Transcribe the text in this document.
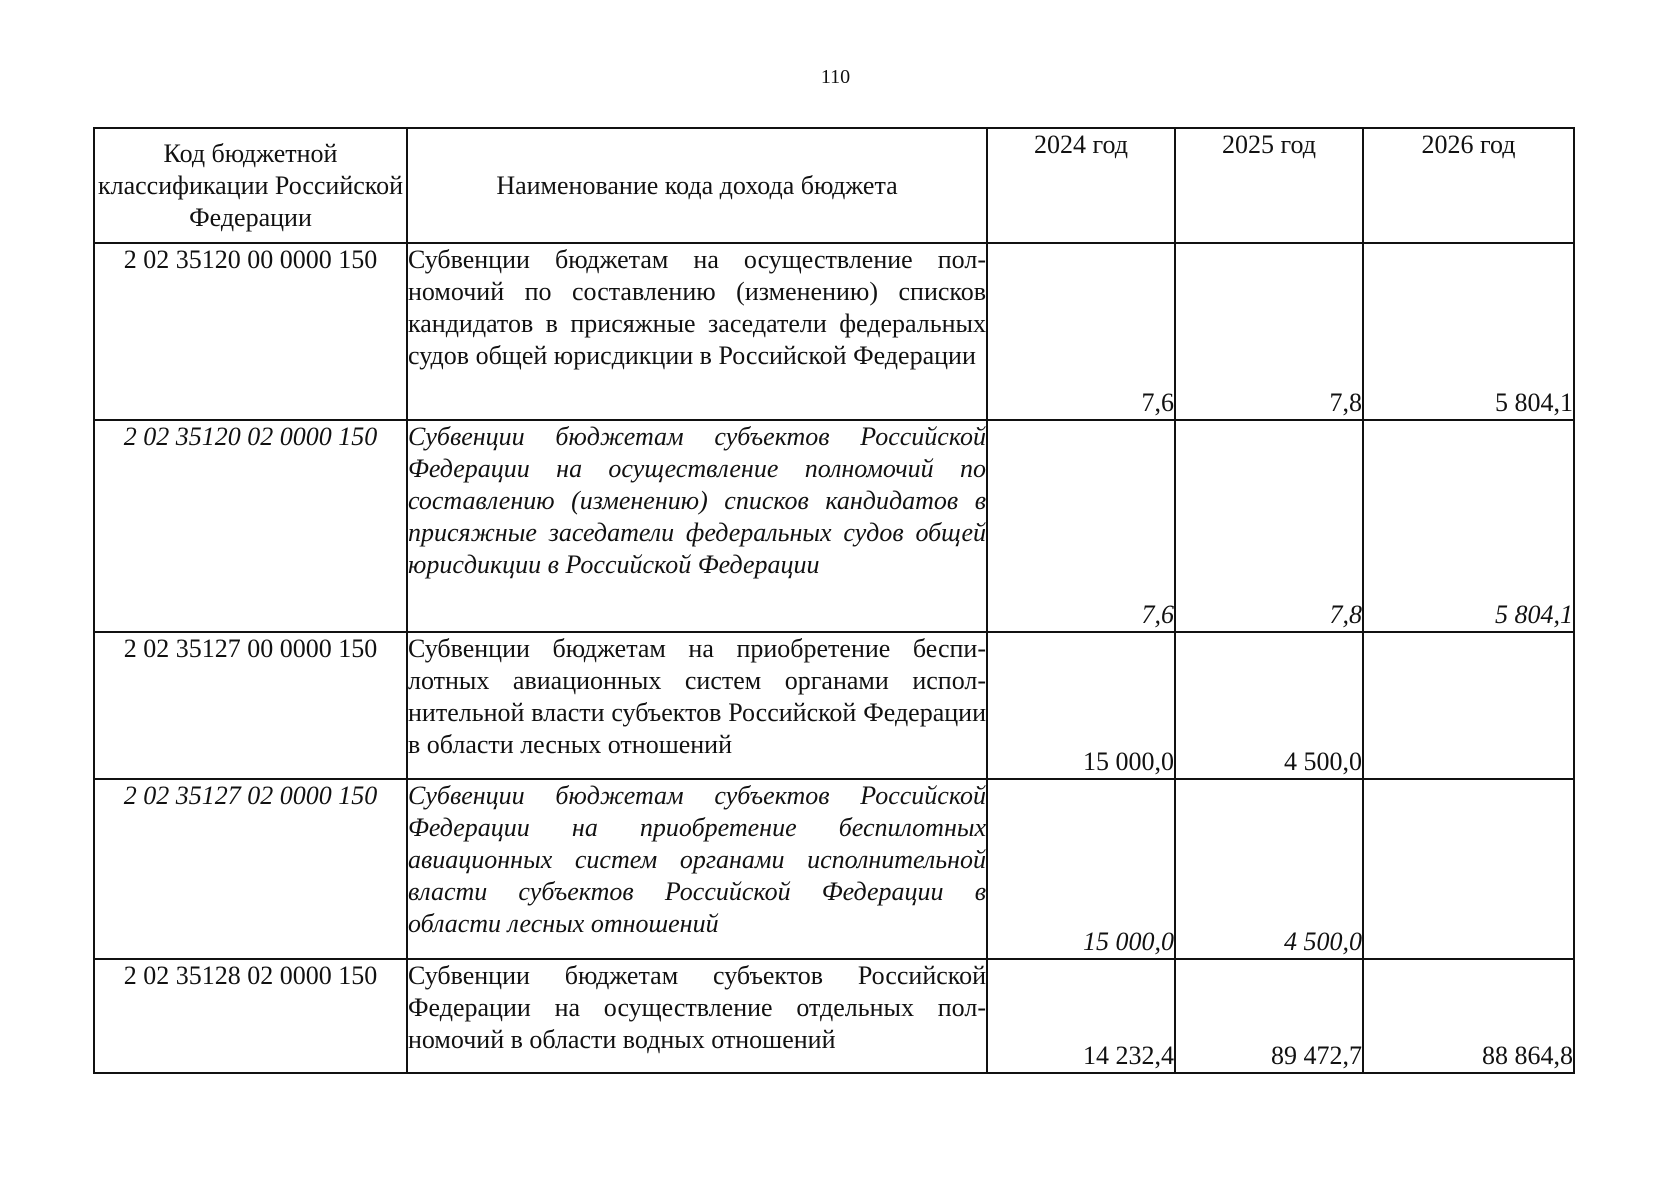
110
Код бюджетной классификации Российской Федерации	Наименование кода дохода бюджета	2024 год	2025 год	2026 год
2 02 35120 00 0000 150	Субвенции бюджетам на осуществление полномочий по составлению (изменению) списков кандидатов в присяжные заседатели федеральных судов общей юрисдикции в Российской Федерации	7,6	7,8	5 804,1
2 02 35120 02 0000 150	Субвенции бюджетам субъектов Российской Федерации на осуществление полномочий по составлению (изменению) списков кандидатов в присяжные заседатели федеральных судов общей юрисдикции в Российской Федерации	7,6	7,8	5 804,1
2 02 35127 00 0000 150	Субвенции бюджетам на приобретение беспилотных авиационных систем органами исполнительной власти субъектов Российской Федерации в области лесных отношений	15 000,0	4 500,0	
2 02 35127 02 0000 150	Субвенции бюджетам субъектов Российской Федерации на приобретение беспилотных авиационных систем органами исполнительной власти субъектов Российской Федерации в области лесных отношений	15 000,0	4 500,0	
2 02 35128 02 0000 150	Субвенции бюджетам субъектов Российской Федерации на осуществление отдельных полномочий в области водных отношений	14 232,4	89 472,7	88 864,8
